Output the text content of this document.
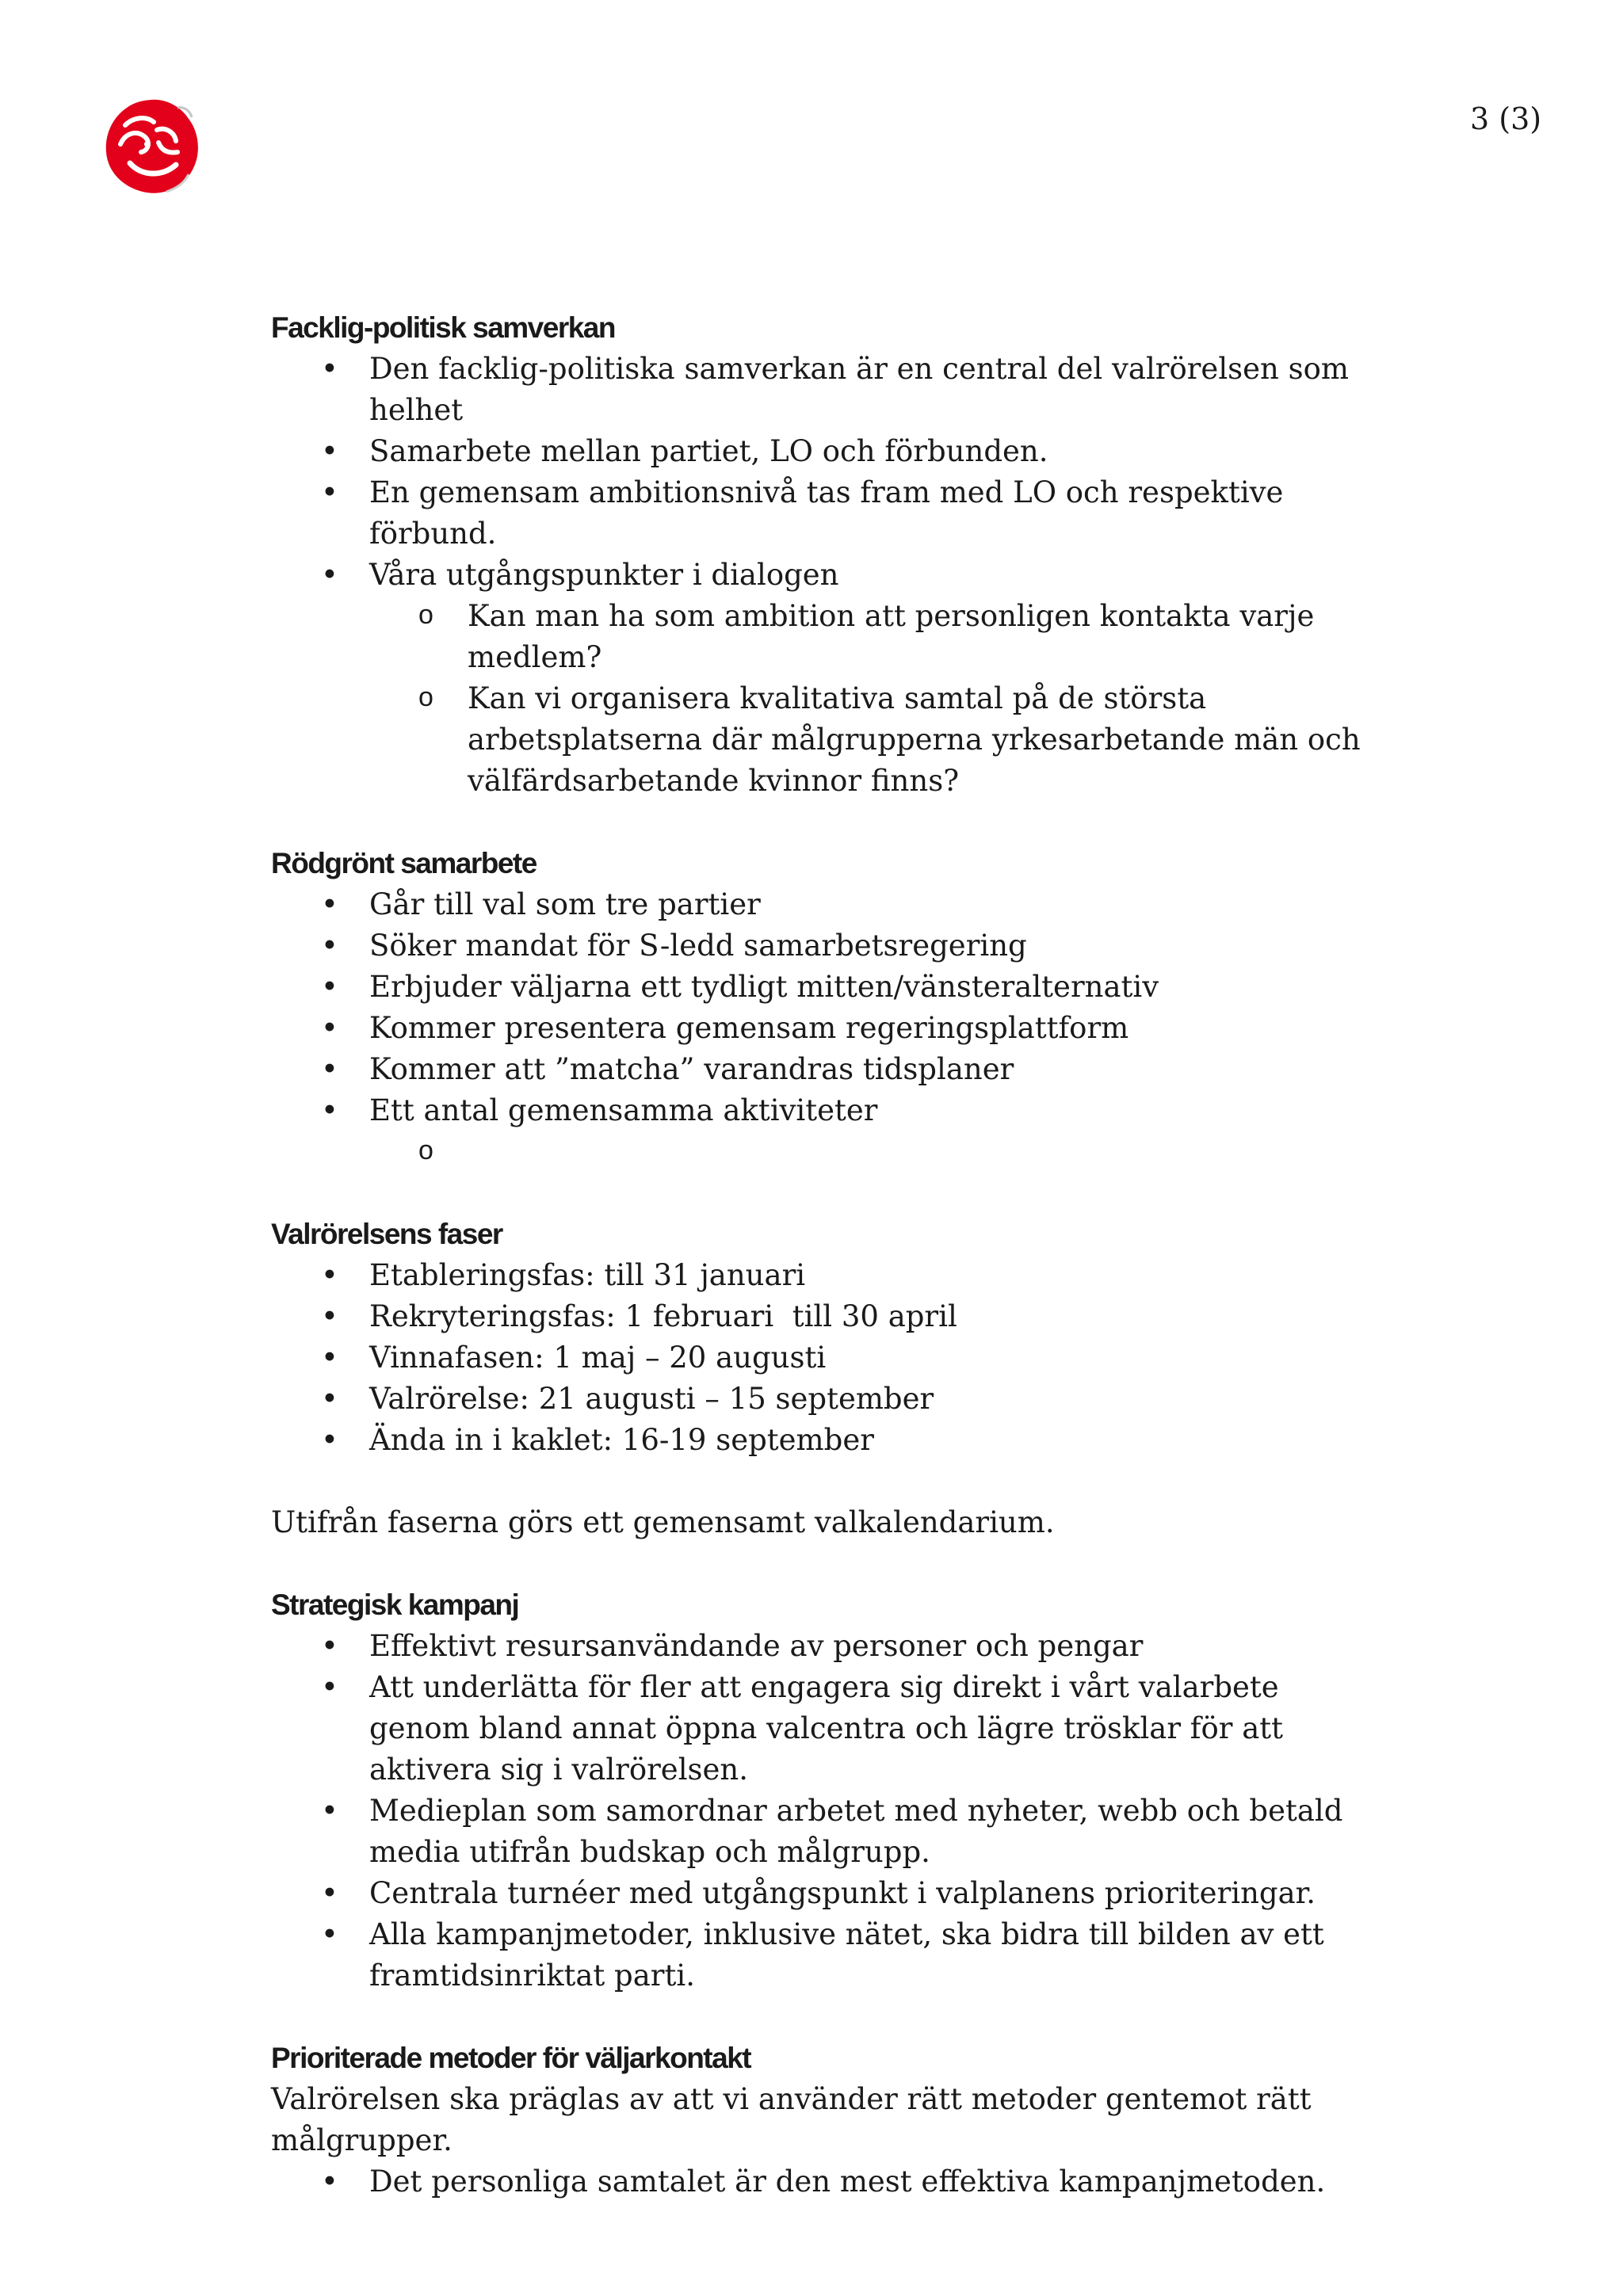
3 (3)
Facklig-politisk samverkan
• Den facklig-politiska samverkan är en central del valrörelsen som helhet
• Samarbete mellan partiet, LO och förbunden.
• En gemensam ambitionsnivå tas fram med LO och respektive förbund.
• Våra utgångspunkter i dialogen
o Kan man ha som ambition att personligen kontakta varje medlem?
o Kan vi organisera kvalitativa samtal på de största arbetsplatserna där målgrupperna yrkesarbetande män och välfärdsarbetande kvinnor finns?
Rödgrönt samarbete
• Går till val som tre partier
• Söker mandat för S-ledd samarbetsregering
• Erbjuder väljarna ett tydligt mitten/vänsteralternativ
• Kommer presentera gemensam regeringsplattform
• Kommer att ”matcha” varandras tidsplaner
• Ett antal gemensamma aktiviteter
o
Valrörelsens faser
• Etableringsfas: till 31 januari
• Rekryteringsfas: 1 februari  till 30 april
• Vinnafasen: 1 maj – 20 augusti
• Valrörelse: 21 augusti – 15 september
• Ända in i kaklet: 16-19 september

Utifrån faserna görs ett gemensamt valkalendarium.

Strategisk kampanj
• Effektivt resursanvändande av personer och pengar
• Att underlätta för fler att engagera sig direkt i vårt valarbete genom bland annat öppna valcentra och lägre trösklar för att aktivera sig i valrörelsen.
• Medieplan som samordnar arbetet med nyheter, webb och betald media utifrån budskap och målgrupp.
• Centrala turnéer med utgångspunkt i valplanens prioriteringar.
• Alla kampanjmetoder, inklusive nätet, ska bidra till bilden av ett framtidsinriktat parti.
Prioriterade metoder för väljarkontakt

Valrörelsen ska präglas av att vi använder rätt metoder gentemot rätt målgrupper.

• Det personliga samtalet är den mest effektiva kampanjmetoden.
